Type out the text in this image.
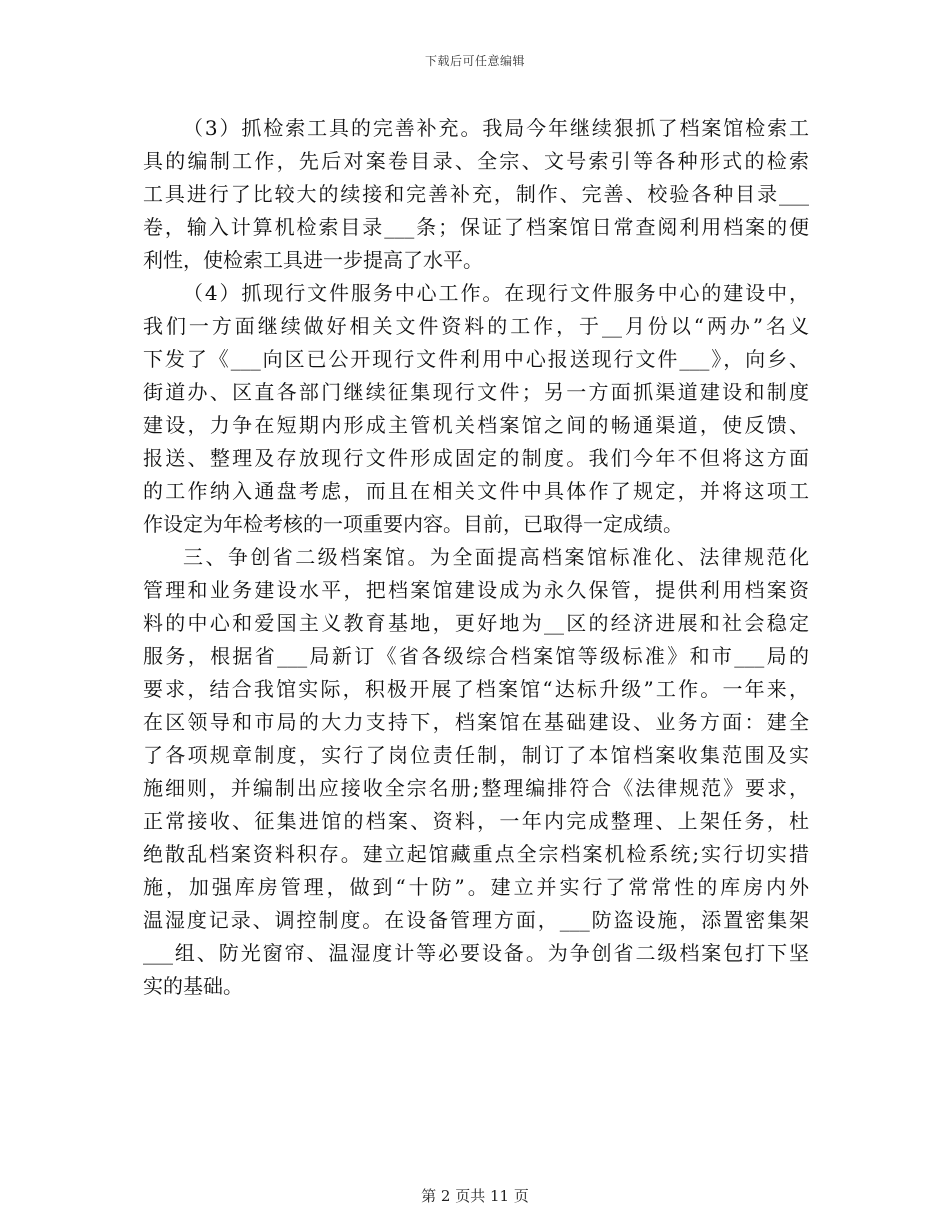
下载后可任意编辑
（3）抓检索工具的完善补充。我局今年继续狠抓了档案馆检索工
具的编制工作，先后对案卷目录、全宗、文号索引等各种形式的检索
工具进行了比较大的续接和完善补充，制作、完善、校验各种目录___
卷，输入计算机检索目录___条；保证了档案馆日常查阅利用档案的便
利性，使检索工具进一步提高了水平。
（4）抓现行文件服务中心工作。在现行文件服务中心的建设中，
我们一方面继续做好相关文件资料的工作，于__月份以“两办”名义
下发了《___向区已公开现行文件利用中心报送现行文件___》，向乡、
街道办、区直各部门继续征集现行文件；另一方面抓渠道建设和制度
建设，力争在短期内形成主管机关档案馆之间的畅通渠道，使反馈、
报送、整理及存放现行文件形成固定的制度。我们今年不但将这方面
的工作纳入通盘考虑，而且在相关文件中具体作了规定，并将这项工
作设定为年检考核的一项重要内容。目前，已取得一定成绩。
三、争创省二级档案馆。为全面提高档案馆标准化、法律规范化
管理和业务建设水平，把档案馆建设成为永久保管，提供利用档案资
料的中心和爱国主义教育基地，更好地为__区的经济进展和社会稳定
服务，根据省___局新订《省各级综合档案馆等级标准》和市___局的
要求，结合我馆实际，积极开展了档案馆“达标升级”工作。一年来，
在区领导和市局的大力支持下，档案馆在基础建设、业务方面：建全
了各项规章制度，实行了岗位责任制，制订了本馆档案收集范围及实
施细则，并编制出应接收全宗名册;整理编排符合《法律规范》要求，
正常接收、征集进馆的档案、资料，一年内完成整理、上架任务，杜
绝散乱档案资料积存。建立起馆藏重点全宗档案机检系统;实行切实措
施，加强库房管理，做到“十防”。建立并实行了常常性的库房内外
温湿度记录、调控制度。在设备管理方面，___防盗设施，添置密集架
___组、防光窗帘、温湿度计等必要设备。为争创省二级档案包打下坚
实的基础。
第 2 页共 11 页
